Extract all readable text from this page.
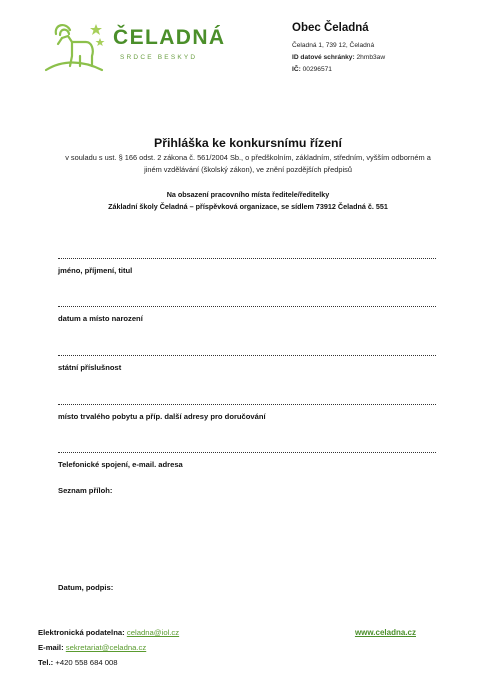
ČELADNÁ
SRDCE BESKYD
Obec Čeladná
Čeladná 1, 739 12, Čeladná
ID datové schránky: 2hmb3aw
IČ: 00296571
Přihláška ke konkursnímu řízení
v souladu s ust. § 166 odst. 2 zákona č. 561/2004 Sb., o předškolním, základním, středním, vyšším odborném a jiném vzdělávání (školský zákon), ve znění pozdějších předpisů
Na obsazení pracovního místa ředitele/ředitelky
Základní školy Čeladná – příspěvková organizace, se sídlem 73912 Čeladná č. 551
jméno, příjmení, titul
datum a místo narození
státní příslušnost
místo trvalého pobytu a příp. další adresy pro doručování
Telefonické spojení, e-mail. adresa
Seznam příloh:
Datum, podpis:
Elektronická podatelna: celadna@iol.cz
E-mail: sekretariat@celadna.cz
Tel.: +420 558 684 008
www.celadna.cz
